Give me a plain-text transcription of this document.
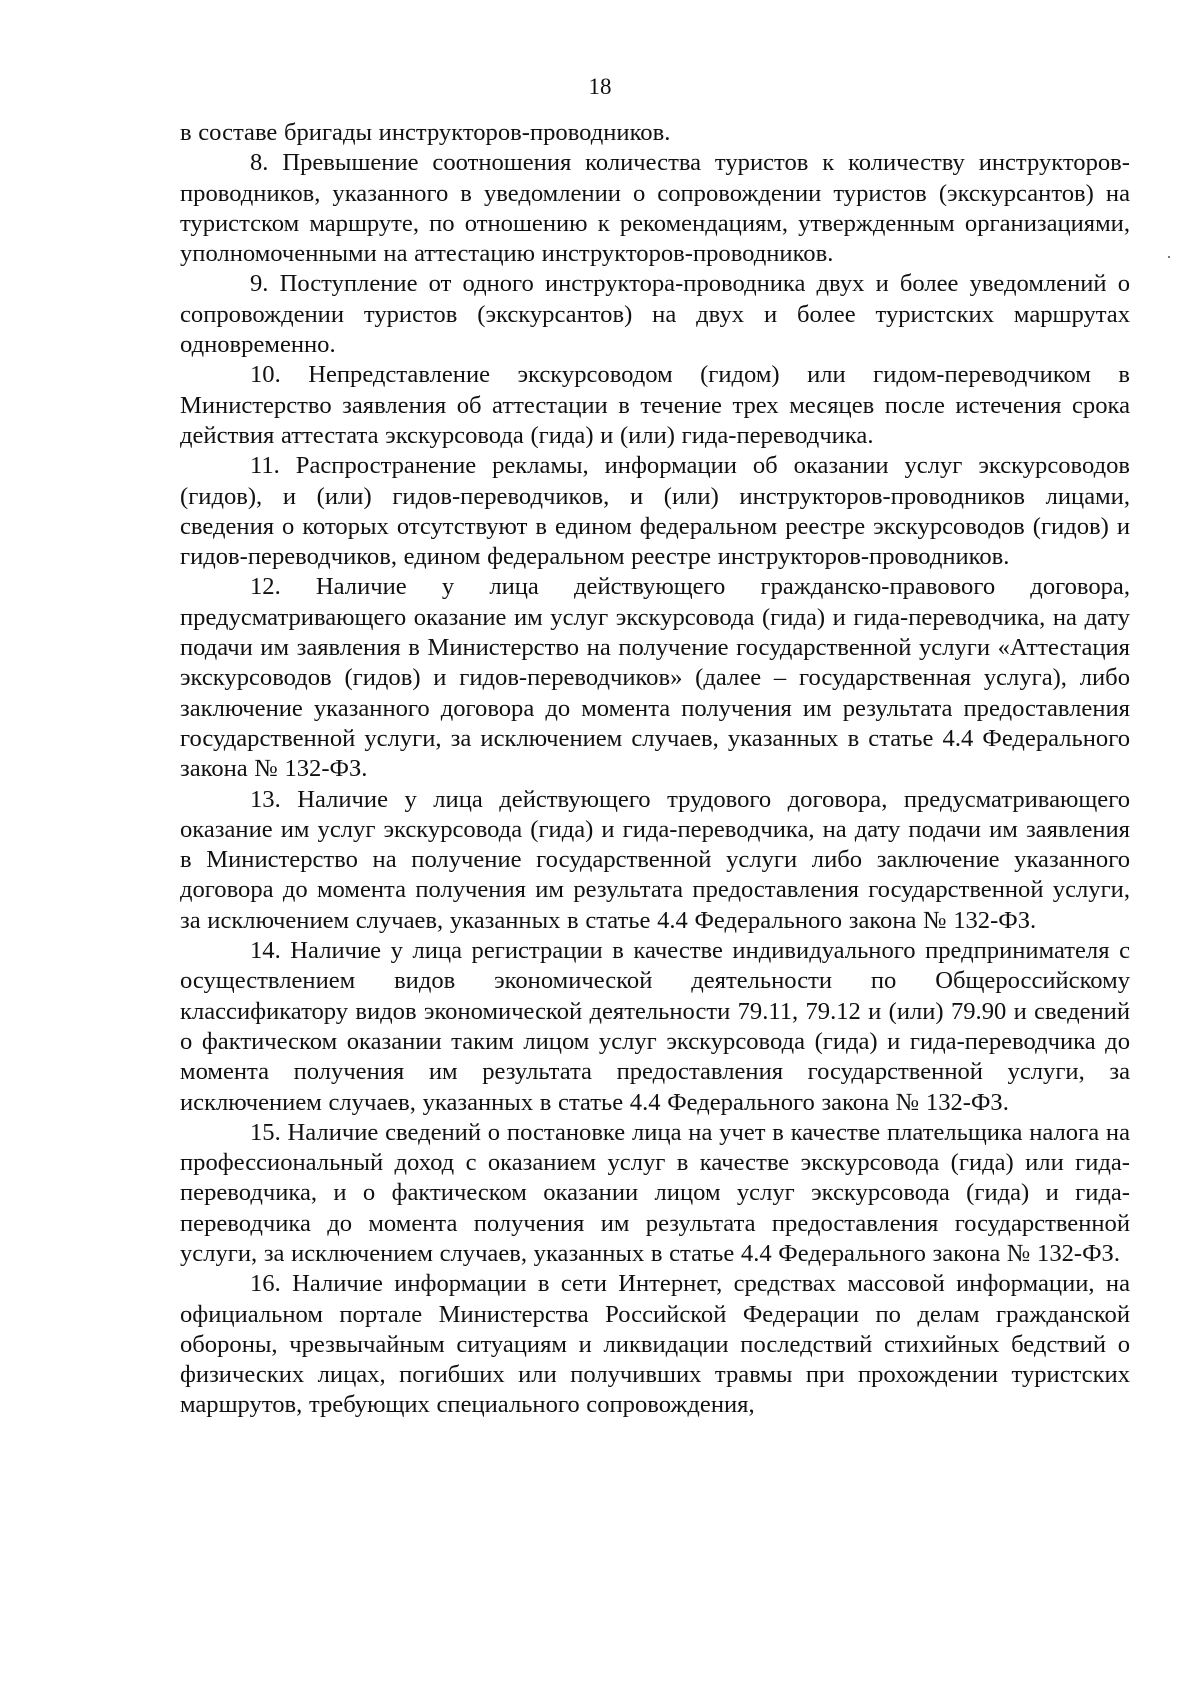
18

в составе бригады инструкторов-проводников.

8. Превышение соотношения количества туристов к количеству инструкторов-проводников, указанного в уведомлении о сопровождении туристов (экскурсантов) на туристском маршруте, по отношению к рекомендациям, утвержденным организациями, уполномоченными на аттестацию инструкторов-проводников.

9. Поступление от одного инструктора-проводника двух и более уведомлений о сопровождении туристов (экскурсантов) на двух и более туристских маршрутах одновременно.

10. Непредставление экскурсоводом (гидом) или гидом-переводчиком в Министерство заявления об аттестации в течение трех месяцев после истечения срока действия аттестата экскурсовода (гида) и (или) гида-переводчика.

11. Распространение рекламы, информации об оказании услуг экскурсоводов (гидов), и (или) гидов-переводчиков, и (или) инструкторов-проводников лицами, сведения о которых отсутствуют в едином федеральном реестре экскурсоводов (гидов) и гидов-переводчиков, едином федеральном реестре инструкторов-проводников.

12. Наличие у лица действующего гражданско-правового договора, предусматривающего оказание им услуг экскурсовода (гида) и гида-переводчика, на дату подачи им заявления в Министерство на получение государственной услуги «Аттестация экскурсоводов (гидов) и гидов-переводчиков» (далее – государственная услуга), либо заключение указанного договора до момента получения им результата предоставления государственной услуги, за исключением случаев, указанных в статье 4.4 Федерального закона № 132-ФЗ.

13. Наличие у лица действующего трудового договора, предусматривающего оказание им услуг экскурсовода (гида) и гида-переводчика, на дату подачи им заявления в Министерство на получение государственной услуги либо заключение указанного договора до момента получения им результата предоставления государственной услуги, за исключением случаев, указанных в статье 4.4 Федерального закона № 132-ФЗ.

14. Наличие у лица регистрации в качестве индивидуального предпринимателя с осуществлением видов экономической деятельности по Общероссийскому классификатору видов экономической деятельности 79.11, 79.12 и (или) 79.90 и сведений о фактическом оказании таким лицом услуг экскурсовода (гида) и гида-переводчика до момента получения им результата предоставления государственной услуги, за исключением случаев, указанных в статье 4.4 Федерального закона № 132-ФЗ.

15. Наличие сведений о постановке лица на учет в качестве плательщика налога на профессиональный доход с оказанием услуг в качестве экскурсовода (гида) или гида-переводчика, и о фактическом оказании лицом услуг экскурсовода (гида) и гида-переводчика до момента получения им результата предоставления государственной услуги, за исключением случаев, указанных в статье 4.4 Федерального закона № 132-ФЗ.

16. Наличие информации в сети Интернет, средствах массовой информации, на официальном портале Министерства Российской Федерации по делам гражданской обороны, чрезвычайным ситуациям и ликвидации последствий стихийных бедствий о физических лицах, погибших или получивших травмы при прохождении туристских маршрутов, требующих специального сопровождения,
